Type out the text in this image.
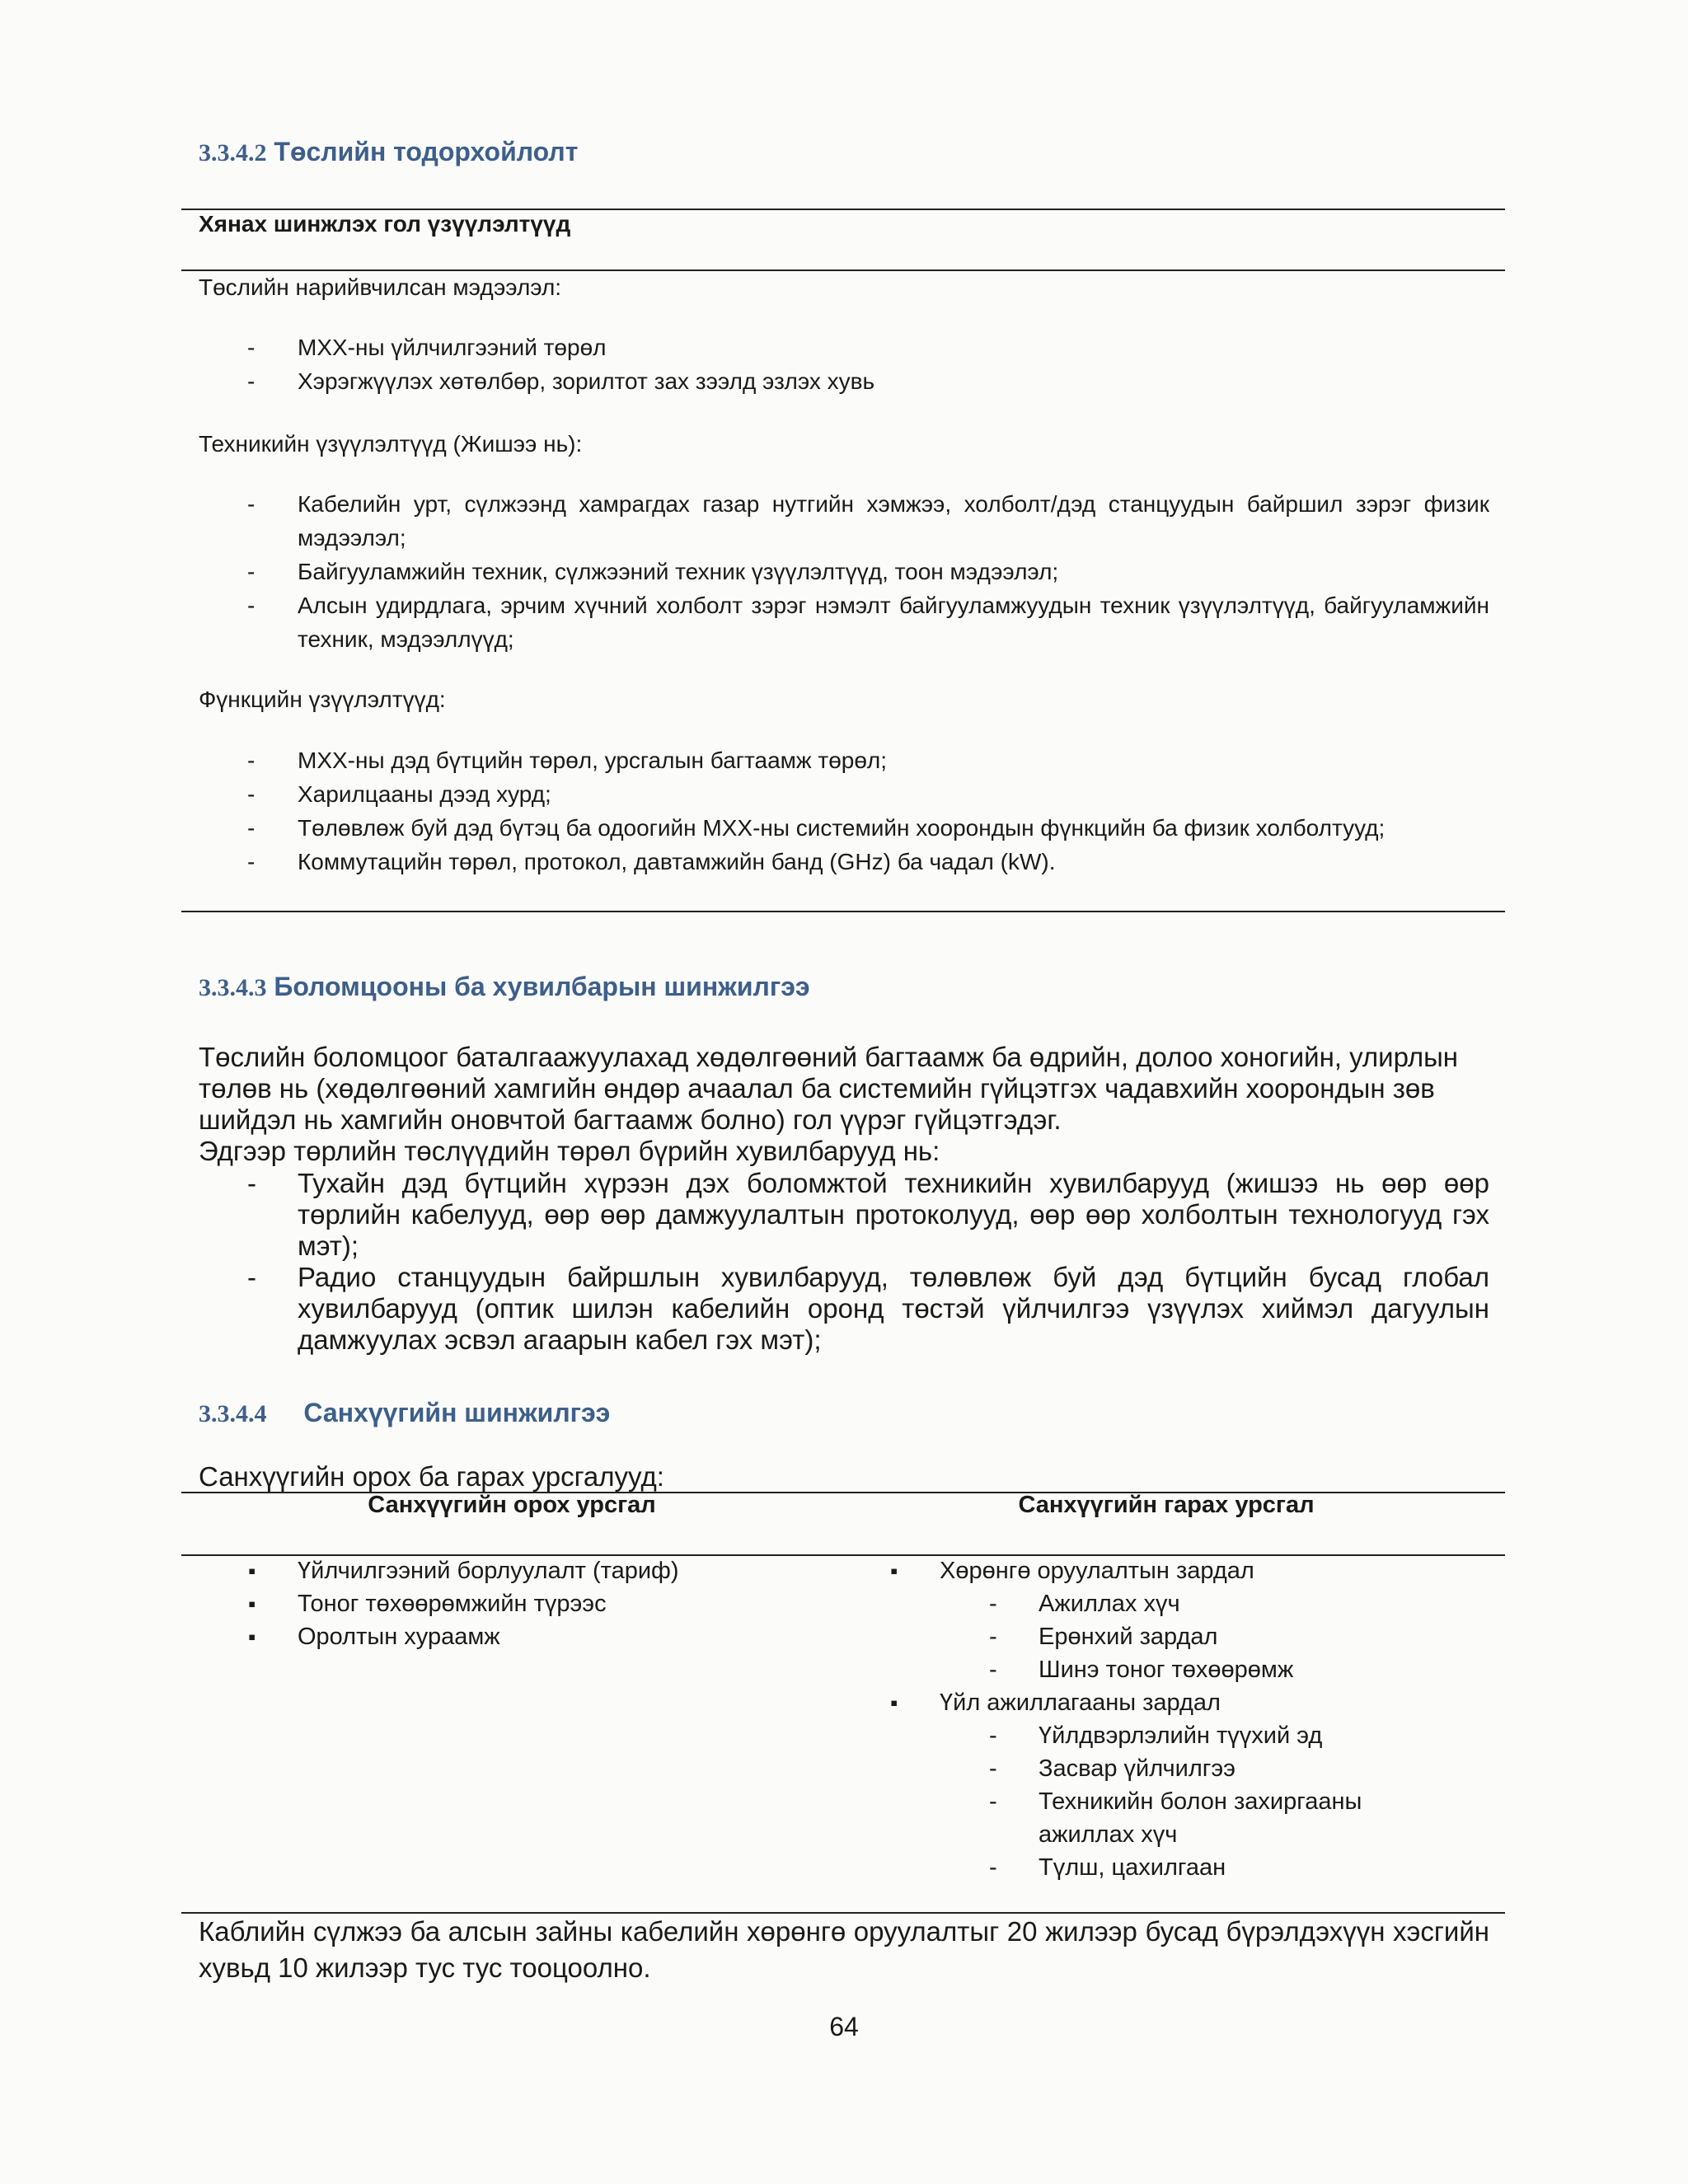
3.3.4.2 Төслийн тодорхойлолт
Хянах шинжлэх гол үзүүлэлтүүд
Төслийн нарийвчилсан мэдээлэл:
- МХХ-ны үйлчилгээний төрөл
- Хэрэгжүүлэх хөтөлбөр, зорилтот зах зээлд эзлэх хувь
Техникийн үзүүлэлтүүд (Жишээ нь):
- Кабелийн урт, сүлжээнд хамрагдах газар нутгийн хэмжээ, холболт/дэд станцуудын байршил зэрэг физик мэдээлэл;
- Байгууламжийн техник, сүлжээний техник үзүүлэлтүүд, тоон мэдээлэл;
- Алсын удирдлага, эрчим хүчний холболт зэрэг нэмэлт байгууламжуудын техник үзүүлэлтүүд, байгууламжийн техник, мэдээллүүд;
Фүнкцийн үзүүлэлтүүд:
- МХХ-ны дэд бүтцийн төрөл, урсгалын багтаамж төрөл;
- Харилцааны дээд хурд;
- Төлөвлөж буй дэд бүтэц ба одоогийн МХХ-ны системийн хоорондын фүнкцийн ба физик холболтууд;
- Коммутацийн төрөл, протокол, давтамжийн банд (GHz) ба чадал (kW).
3.3.4.3 Боломцооны ба хувилбарын шинжилгээ
Төслийн боломцоог баталгаажуулахад хөдөлгөөний багтаамж ба өдрийн, долоо хоногийн, улирлын төлөв нь (хөдөлгөөний хамгийн өндөр ачаалал ба системийн гүйцэтгэх чадавхийн хоорондын зөв шийдэл нь хамгийн оновчтой багтаамж болно) гол үүрэг гүйцэтгэдэг.
Эдгээр төрлийн төслүүдийн төрөл бүрийн хувилбарууд нь:
- Тухайн дэд бүтцийн хүрээн дэх боломжтой техникийн хувилбарууд (жишээ нь өөр өөр төрлийн кабелууд, өөр өөр дамжуулалтын протоколууд, өөр өөр холболтын технологууд гэх мэт);
- Радио станцуудын байршлын хувилбарууд, төлөвлөж буй дэд бүтцийн бусад глобал хувилбарууд (оптик шилэн кабелийн оронд төстэй үйлчилгээ үзүүлэх хиймэл дагуулын дамжуулах эсвэл агаарын кабел гэх мэт);
3.3.4.4 Санхүүгийн шинжилгээ
Санхүүгийн орох ба гарах урсгалууд:
Санхүүгийн орох урсгал	Санхүүгийн гарах урсгал
▪ Үйлчилгээний борлуулалт (тариф)
▪ Тоног төхөөрөмжийн түрээс
▪ Оролтын хураамж
▪ Хөрөнгө оруулалтын зардал
- Ажиллах хүч
- Ерөнхий зардал
- Шинэ тоног төхөөрөмж
▪ Үйл ажиллагааны зардал
- Үйлдвэрлэлийн түүхий эд
- Засвар үйлчилгээ
- Техникийн болон захиргааны ажиллах хүч
- Түлш, цахилгаан
Каблийн сүлжээ ба алсын зайны кабелийн хөрөнгө оруулалтыг 20 жилээр бусад бүрэлдэхүүн хэсгийн хувьд 10 жилээр тус тус тооцоолно.
64
